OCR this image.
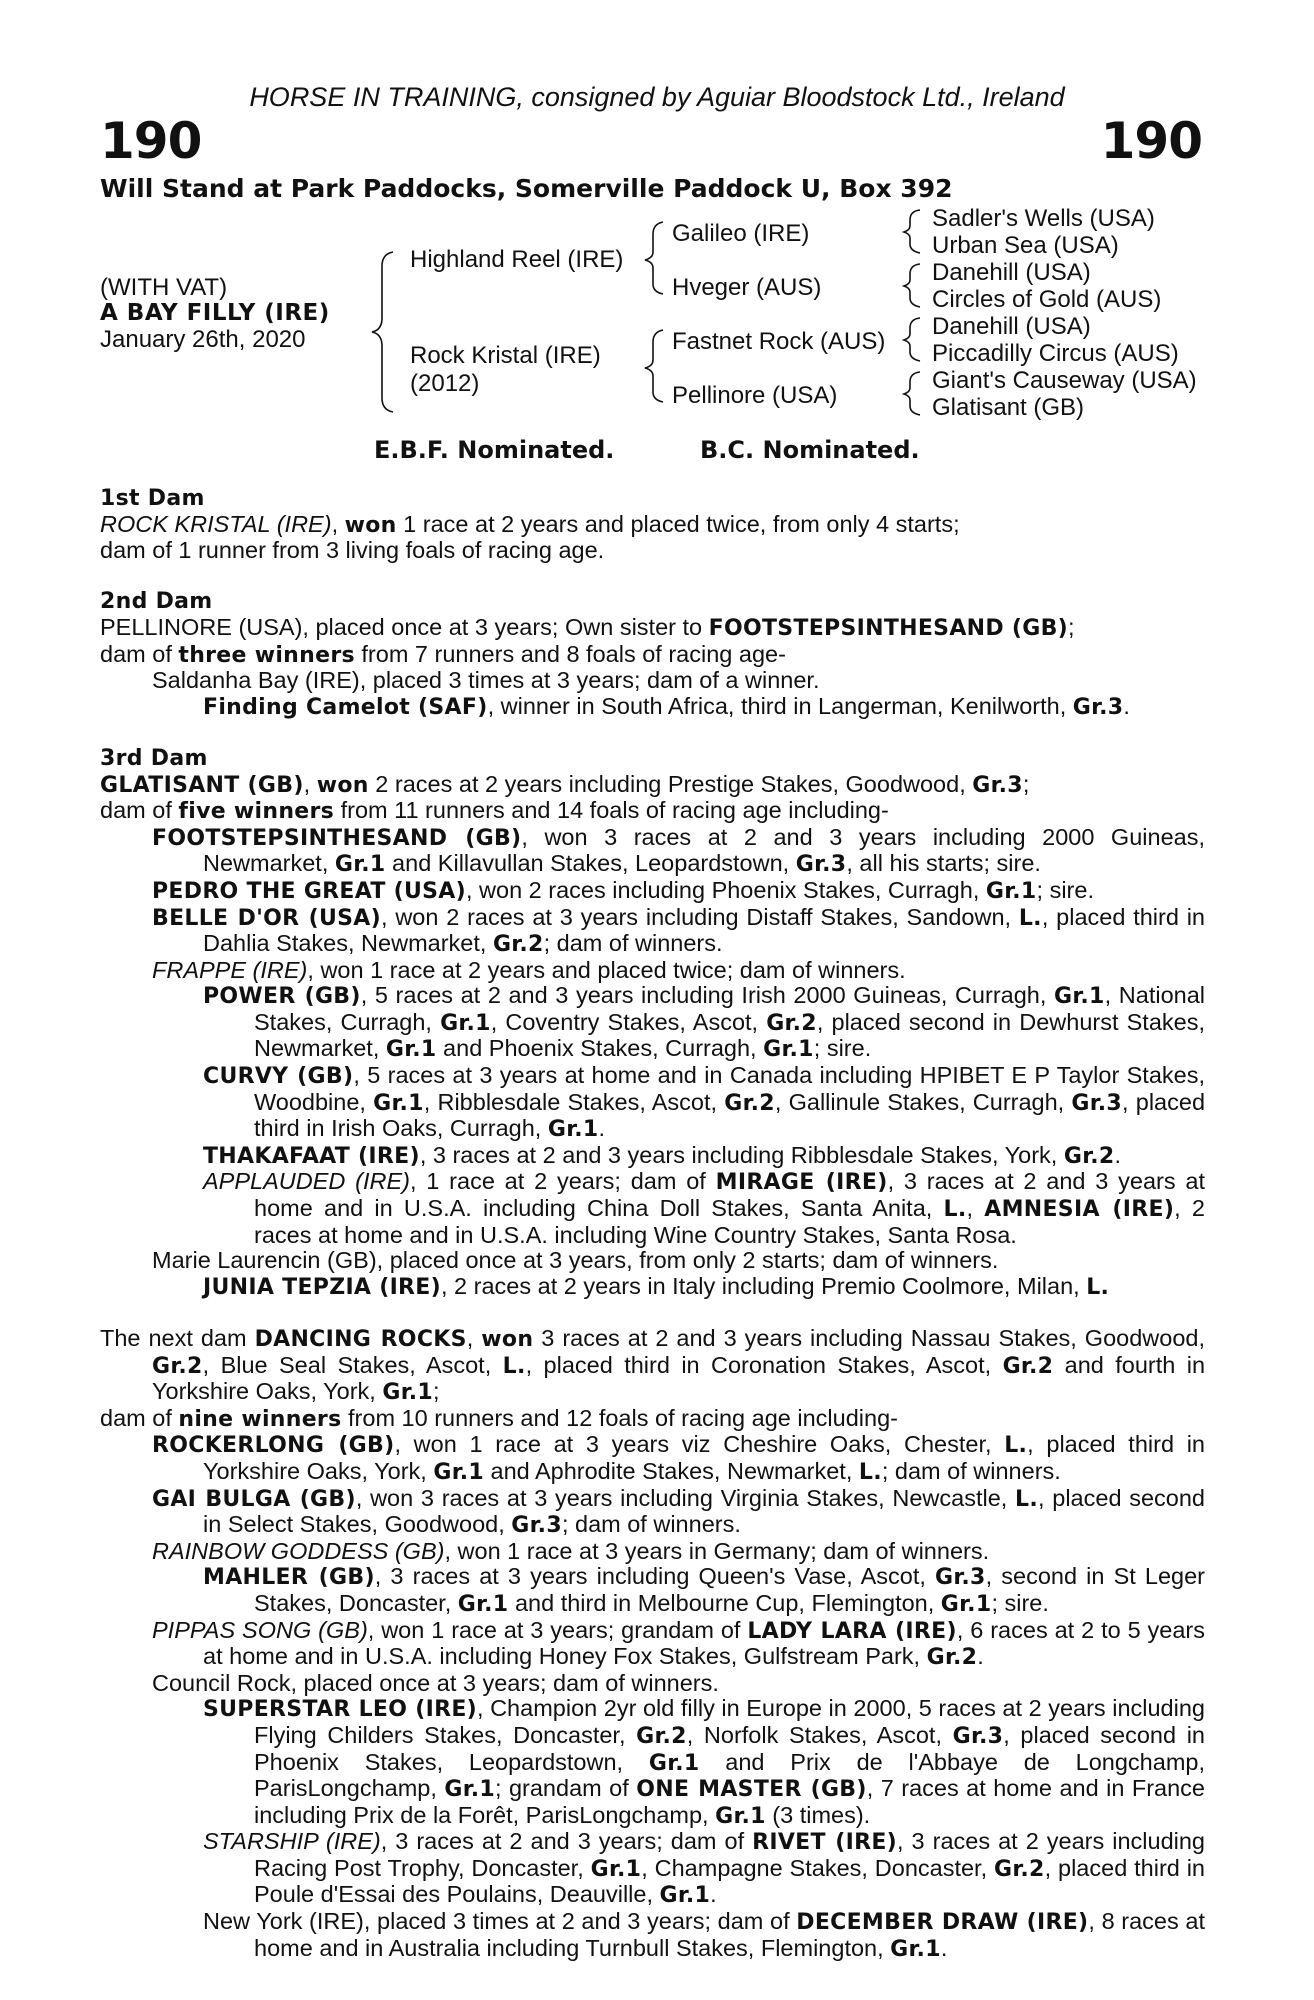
HORSE IN TRAINING, consigned by Aguiar Bloodstock Ltd., Ireland
190	190
Will Stand at Park Paddocks, Somerville Paddock U, Box 392
(WITH VAT)
A BAY FILLY (IRE)
January 26th, 2020
Highland Reel (IRE)
Rock Kristal (IRE)
(2012)
Galileo (IRE)
Hveger (AUS)
Fastnet Rock (AUS)
Pellinore (USA)
Sadler's Wells (USA)
Urban Sea (USA)
Danehill (USA)
Circles of Gold (AUS)
Danehill (USA)
Piccadilly Circus (AUS)
Giant's Causeway (USA)
Glatisant (GB)
E.B.F. Nominated.	B.C. Nominated.
1st Dam
ROCK KRISTAL (IRE), won 1 race at 2 years and placed twice, from only 4 starts;
dam of 1 runner from 3 living foals of racing age.
2nd Dam
PELLINORE (USA), placed once at 3 years; Own sister to FOOTSTEPSINTHESAND (GB);
dam of three winners from 7 runners and 8 foals of racing age-
Saldanha Bay (IRE), placed 3 times at 3 years; dam of a winner.
Finding Camelot (SAF), winner in South Africa, third in Langerman, Kenilworth, Gr.3.
3rd Dam
GLATISANT (GB), won 2 races at 2 years including Prestige Stakes, Goodwood, Gr.3;
dam of five winners from 11 runners and 14 foals of racing age including-
FOOTSTEPSINTHESAND (GB), won 3 races at 2 and 3 years including 2000 Guineas, Newmarket, Gr.1 and Killavullan Stakes, Leopardstown, Gr.3, all his starts; sire.
PEDRO THE GREAT (USA), won 2 races including Phoenix Stakes, Curragh, Gr.1; sire.
BELLE D'OR (USA), won 2 races at 3 years including Distaff Stakes, Sandown, L., placed third in Dahlia Stakes, Newmarket, Gr.2; dam of winners.
FRAPPE (IRE), won 1 race at 2 years and placed twice; dam of winners.
POWER (GB), 5 races at 2 and 3 years including Irish 2000 Guineas, Curragh, Gr.1, National Stakes, Curragh, Gr.1, Coventry Stakes, Ascot, Gr.2, placed second in Dewhurst Stakes, Newmarket, Gr.1 and Phoenix Stakes, Curragh, Gr.1; sire.
CURVY (GB), 5 races at 3 years at home and in Canada including HPIBET E P Taylor Stakes, Woodbine, Gr.1, Ribblesdale Stakes, Ascot, Gr.2, Gallinule Stakes, Curragh, Gr.3, placed third in Irish Oaks, Curragh, Gr.1.
THAKAFAAT (IRE), 3 races at 2 and 3 years including Ribblesdale Stakes, York, Gr.2.
APPLAUDED (IRE), 1 race at 2 years; dam of MIRAGE (IRE), 3 races at 2 and 3 years at home and in U.S.A. including China Doll Stakes, Santa Anita, L., AMNESIA (IRE), 2 races at home and in U.S.A. including Wine Country Stakes, Santa Rosa.
Marie Laurencin (GB), placed once at 3 years, from only 2 starts; dam of winners.
JUNIA TEPZIA (IRE), 2 races at 2 years in Italy including Premio Coolmore, Milan, L.
The next dam DANCING ROCKS, won 3 races at 2 and 3 years including Nassau Stakes, Goodwood, Gr.2, Blue Seal Stakes, Ascot, L., placed third in Coronation Stakes, Ascot, Gr.2 and fourth in Yorkshire Oaks, York, Gr.1;
dam of nine winners from 10 runners and 12 foals of racing age including-
ROCKERLONG (GB), won 1 race at 3 years viz Cheshire Oaks, Chester, L., placed third in Yorkshire Oaks, York, Gr.1 and Aphrodite Stakes, Newmarket, L.; dam of winners.
GAI BULGA (GB), won 3 races at 3 years including Virginia Stakes, Newcastle, L., placed second in Select Stakes, Goodwood, Gr.3; dam of winners.
RAINBOW GODDESS (GB), won 1 race at 3 years in Germany; dam of winners.
MAHLER (GB), 3 races at 3 years including Queen's Vase, Ascot, Gr.3, second in St Leger Stakes, Doncaster, Gr.1 and third in Melbourne Cup, Flemington, Gr.1; sire.
PIPPAS SONG (GB), won 1 race at 3 years; grandam of LADY LARA (IRE), 6 races at 2 to 5 years at home and in U.S.A. including Honey Fox Stakes, Gulfstream Park, Gr.2.
Council Rock, placed once at 3 years; dam of winners.
SUPERSTAR LEO (IRE), Champion 2yr old filly in Europe in 2000, 5 races at 2 years including Flying Childers Stakes, Doncaster, Gr.2, Norfolk Stakes, Ascot, Gr.3, placed second in Phoenix Stakes, Leopardstown, Gr.1 and Prix de l'Abbaye de Longchamp, ParisLongchamp, Gr.1; grandam of ONE MASTER (GB), 7 races at home and in France including Prix de la Forêt, ParisLongchamp, Gr.1 (3 times).
STARSHIP (IRE), 3 races at 2 and 3 years; dam of RIVET (IRE), 3 races at 2 years including Racing Post Trophy, Doncaster, Gr.1, Champagne Stakes, Doncaster, Gr.2, placed third in Poule d'Essai des Poulains, Deauville, Gr.1.
New York (IRE), placed 3 times at 2 and 3 years; dam of DECEMBER DRAW (IRE), 8 races at home and in Australia including Turnbull Stakes, Flemington, Gr.1.
